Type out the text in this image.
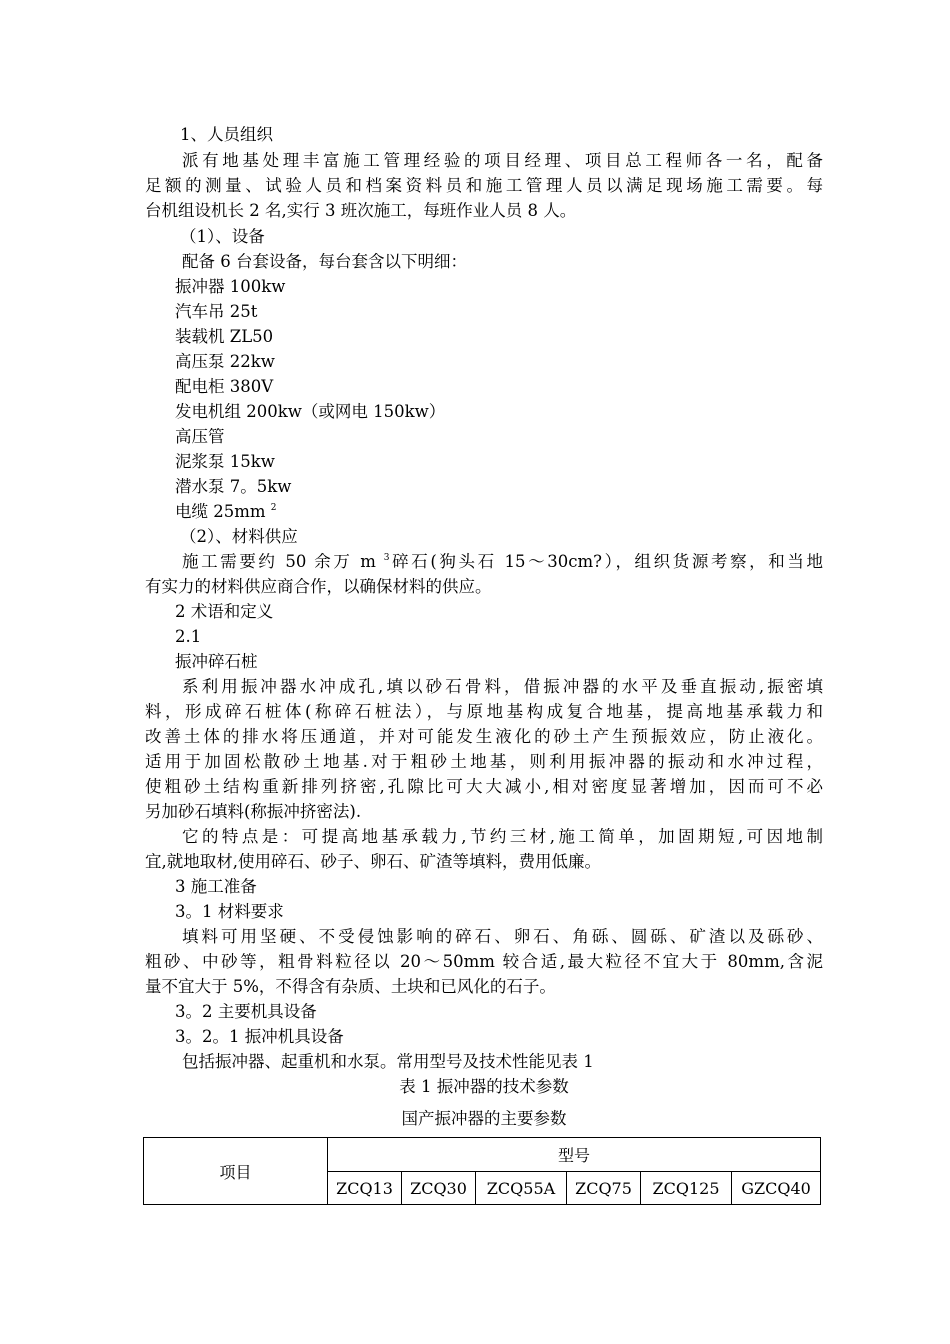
1、人员组织
派有地基处理丰富施工管理经验的项目经理、项目总工程师各一名，配备
足额的测量、试验人员和档案资料员和施工管理人员以满足现场施工需要。每
台机组设机长 2 名,实行 3 班次施工，每班作业人员 8 人。
（1）、设备
配备 6 台套设备，每台套含以下明细：
振冲器 100kw
汽车吊 25t
装载机 ZL50
高压泵 22kw
配电柜 380V
发电机组 200kw（或网电 150kw）
高压管
泥浆泵 15kw
潜水泵 7。5kw
电缆 25mm $^2$
（2）、材料供应
施工需要约 50 余万 m $^3$碎石(狗头石 15～30cm?），组织货源考察，和当地
有实力的材料供应商合作，以确保材料的供应。
2 术语和定义
2.1
振冲碎石桩
系利用振冲器水冲成孔,填以砂石骨料，借振冲器的水平及垂直振动,振密填
料，形成碎石桩体(称碎石桩法），与原地基构成复合地基，提高地基承载力和
改善土体的排水将压通道，并对可能发生液化的砂土产生预振效应，防止液化。
适用于加固松散砂土地基.对于粗砂土地基，则利用振冲器的振动和水冲过程，
使粗砂土结构重新排列挤密,孔隙比可大大减小,相对密度显著增加，因而可不必
另加砂石填料(称振冲挤密法).
它的特点是：可提高地基承载力,节约三材,施工简单，加固期短,可因地制
宜,就地取材,使用碎石、砂子、卵石、矿渣等填料，费用低廉。
3 施工准备
3。1 材料要求
填料可用坚硬、不受侵蚀影响的碎石、卵石、角砾、圆砾、矿渣以及砾砂、
粗砂、中砂等，粗骨料粒径以 20～50mm 较合适,最大粒径不宜大于 80mm,含泥
量不宜大于 5%，不得含有杂质、土块和已风化的石子。
3。2 主要机具设备
3。2。1 振冲机具设备
包括振冲器、起重机和水泵。常用型号及技术性能见表 1
表 1 振冲器的技术参数
国产振冲器的主要参数
项目	型号					
	ZCQ13	ZCQ30	ZCQ55A	ZCQ75	ZCQ125	GZCQ40
